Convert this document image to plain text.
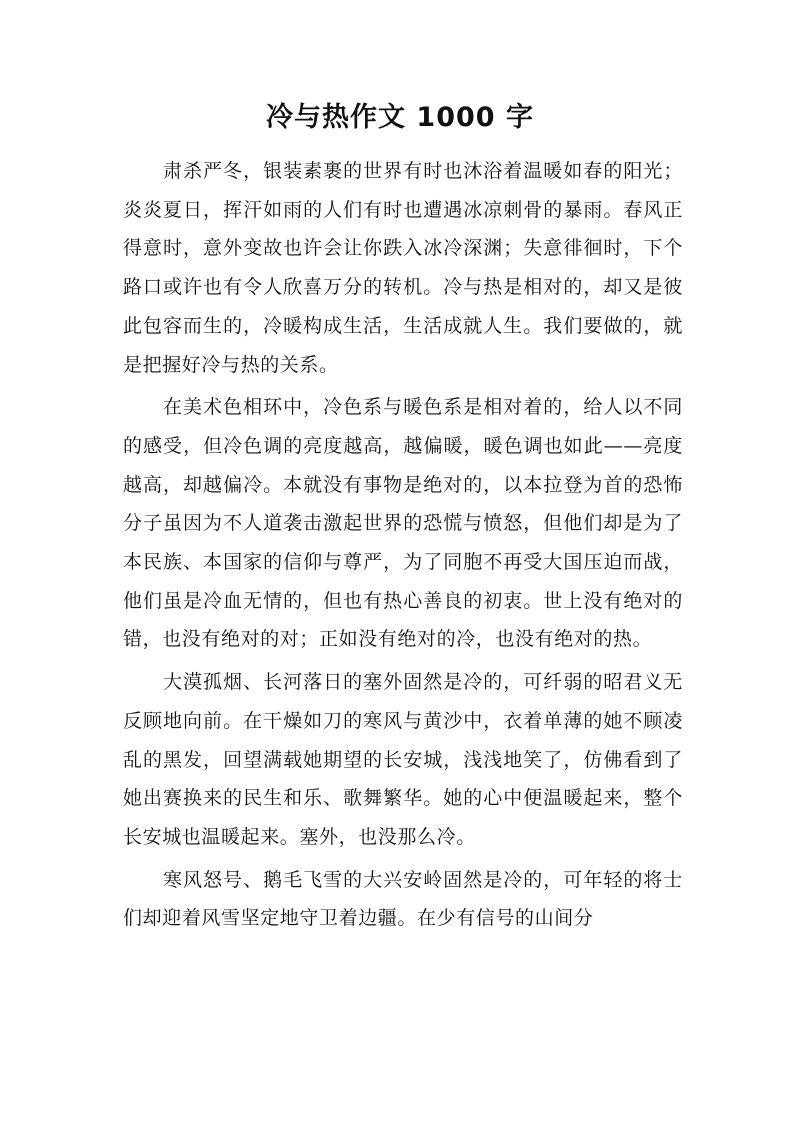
冷与热作文 1000 字

肃杀严冬，银装素裹的世界有时也沐浴着温暖如春的阳光；炎炎夏日，挥汗如雨的人们有时也遭遇冰凉刺骨的暴雨。春风正得意时，意外变故也许会让你跌入冰冷深渊；失意徘徊时，下个路口或许也有令人欣喜万分的转机。冷与热是相对的，却又是彼此包容而生的，冷暖构成生活，生活成就人生。我们要做的，就是把握好冷与热的关系。

在美术色相环中，冷色系与暖色系是相对着的，给人以不同的感受，但冷色调的亮度越高，越偏暖，暖色调也如此——亮度越高，却越偏冷。本就没有事物是绝对的，以本拉登为首的恐怖分子虽因为不人道袭击激起世界的恐慌与愤怒，但他们却是为了本民族、本国家的信仰与尊严，为了同胞不再受大国压迫而战，他们虽是冷血无情的，但也有热心善良的初衷。世上没有绝对的错，也没有绝对的对；正如没有绝对的冷，也没有绝对的热。

大漠孤烟、长河落日的塞外固然是冷的，可纤弱的昭君义无反顾地向前。在干燥如刀的寒风与黄沙中，衣着单薄的她不顾凌乱的黑发，回望满载她期望的长安城，浅浅地笑了，仿佛看到了她出赛换来的民生和乐、歌舞繁华。她的心中便温暖起来，整个长安城也温暖起来。塞外，也没那么冷。

寒风怒号、鹅毛飞雪的大兴安岭固然是冷的，可年轻的将士们却迎着风雪坚定地守卫着边疆。在少有信号的山间分
